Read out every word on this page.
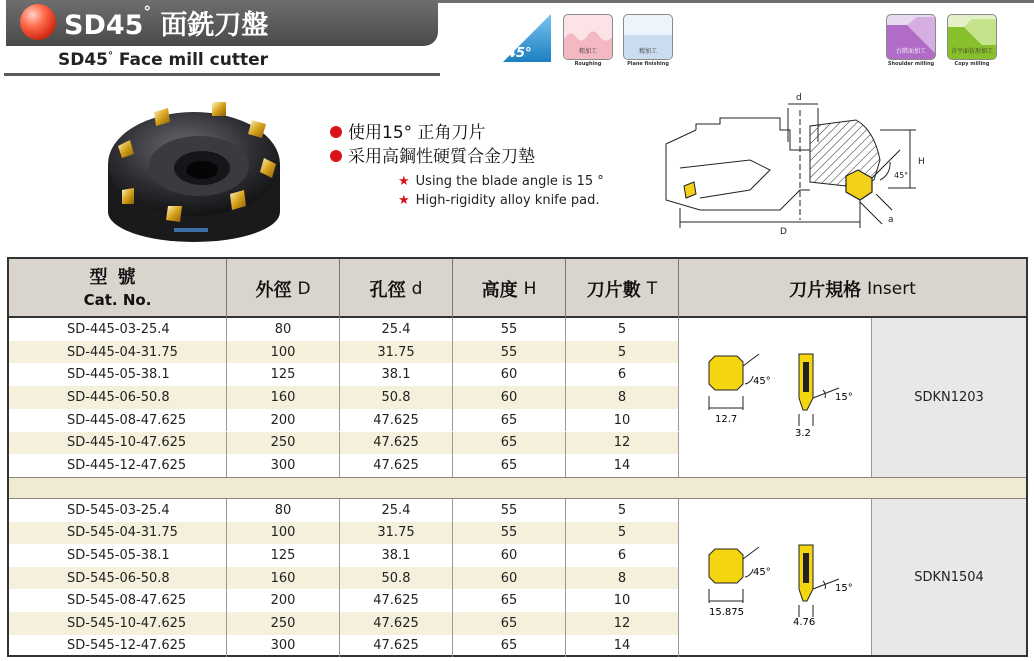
SD45° 面銑刀盤
SD45° Face mill cutter	45°	粗加工
Roughing
精加工
Plane finishing
台階面加工
Shoulder milling
含平面仿形加工
Copy milling
使用15° 正角刀片
采用高鋼性硬質合金刀墊
★ Using the blade angle is 15 °
★ High-rigidity alloy knife pad.
d
H
45°
a
D
型號
Cat. No.	外徑 D	孔徑 d	高度 H	刀片數 T	刀片規格 Insert
SD-445-03-25.4	80	25.4	55	5
SD-445-04-31.75	100	31.75	55	5
SD-445-05-38.1	125	38.1	60	6
SD-445-06-50.8	160	50.8	60	8
SD-445-08-47.625	200	47.625	65	10
SD-445-10-47.625	250	47.625	65	12
SD-445-12-47.625	300	47.625	65	14
SD-545-03-25.4	80	25.4	55	5
SD-545-04-31.75	100	31.75	55	5
SD-545-05-38.1	125	38.1	60	6
SD-545-06-50.8	160	50.8	60	8
SD-545-08-47.625	200	47.625	65	10
SD-545-10-47.625	250	47.625	65	12
SD-545-12-47.625	300	47.625	65	14
45°
12.7
15°
3.2
SDKN1203
45°
15.875
15°
4.76
SDKN1504
